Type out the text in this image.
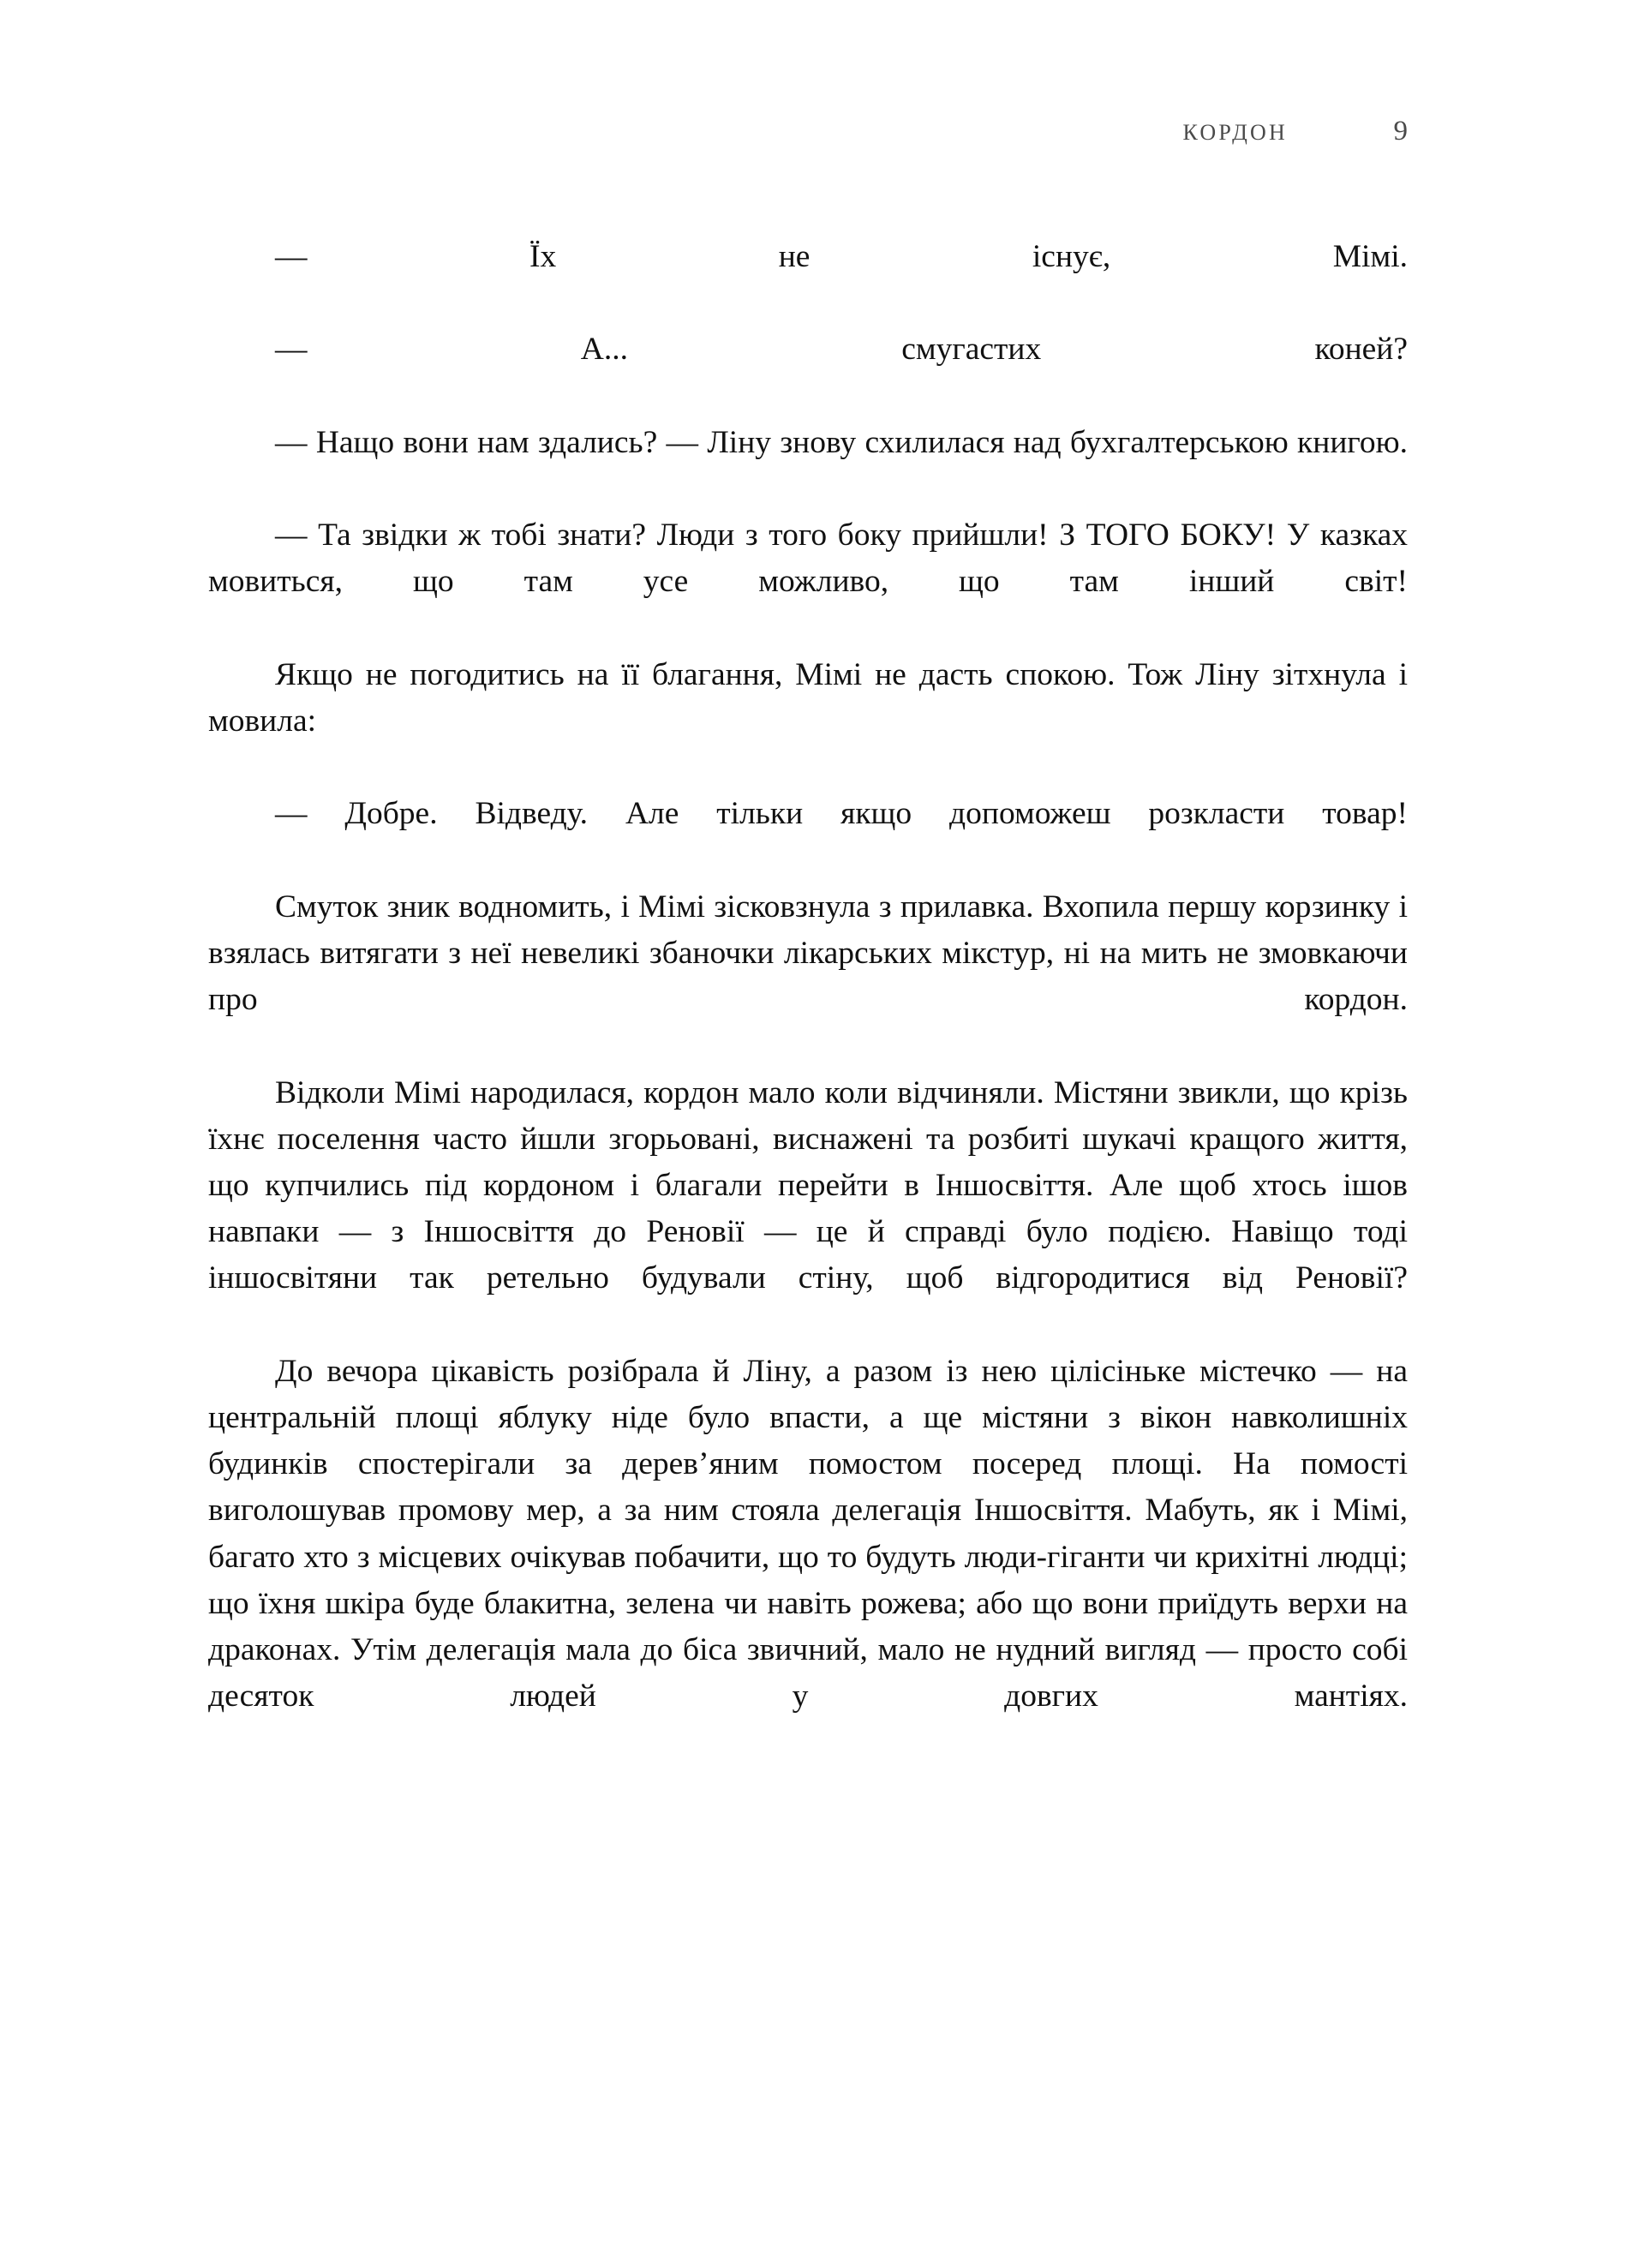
КОРДОН	9

— Їх не існує, Мімі.

— А... смугастих коней?

— Нащо вони нам здались? — Ліну знову схилилася над бухгалтерською книгою.

— Та звідки ж тобі знати? Люди з того боку прийшли! З ТОГО БОКУ! У казках мовиться, що там усе можливо, що там інший світ!

Якщо не погодитись на її благання, Мімі не дасть спокою. Тож Ліну зітхнула і мовила:

— Добре. Відведу. Але тільки якщо допоможеш розкласти товар!

Смуток зник водномить, і Мімі зісковзнула з прилавка. Вхопила першу корзинку і взялась витягати з неї невеликі збаночки лікарських мікстур, ні на мить не змовкаючи про кордон.

Відколи Мімі народилася, кордон мало коли відчиняли. Містяни звикли, що крізь їхнє поселення часто йшли згорьовані, виснажені та розбиті шукачі кращого життя, що купчились під кордоном і благали перейти в Іншосвіття. Але щоб хтось ішов навпаки — з Іншосвіття до Реновії — це й справді було подією. Навіщо тоді іншосвітяни так ретельно будували стіну, щоб відгородитися від Реновії?

До вечора цікавість розібрала й Ліну, а разом із нею цілісіньке містечко — на центральній площі яблуку ніде було впасти, а ще містяни з вікон навколишніх будинків спостерігали за дерев’яним помостом посеред площі. На помості виголошував промову мер, а за ним стояла делегація Іншосвіття. Мабуть, як і Мімі, багато хто з місцевих очікував побачити, що то будуть люди-гіганти чи крихітні людці; що їхня шкіра буде блакитна, зелена чи навіть рожева; або що вони приїдуть верхи на драконах. Утім делегація мала до біса звичний, мало не нудний вигляд — просто собі десяток людей у довгих мантіях.
